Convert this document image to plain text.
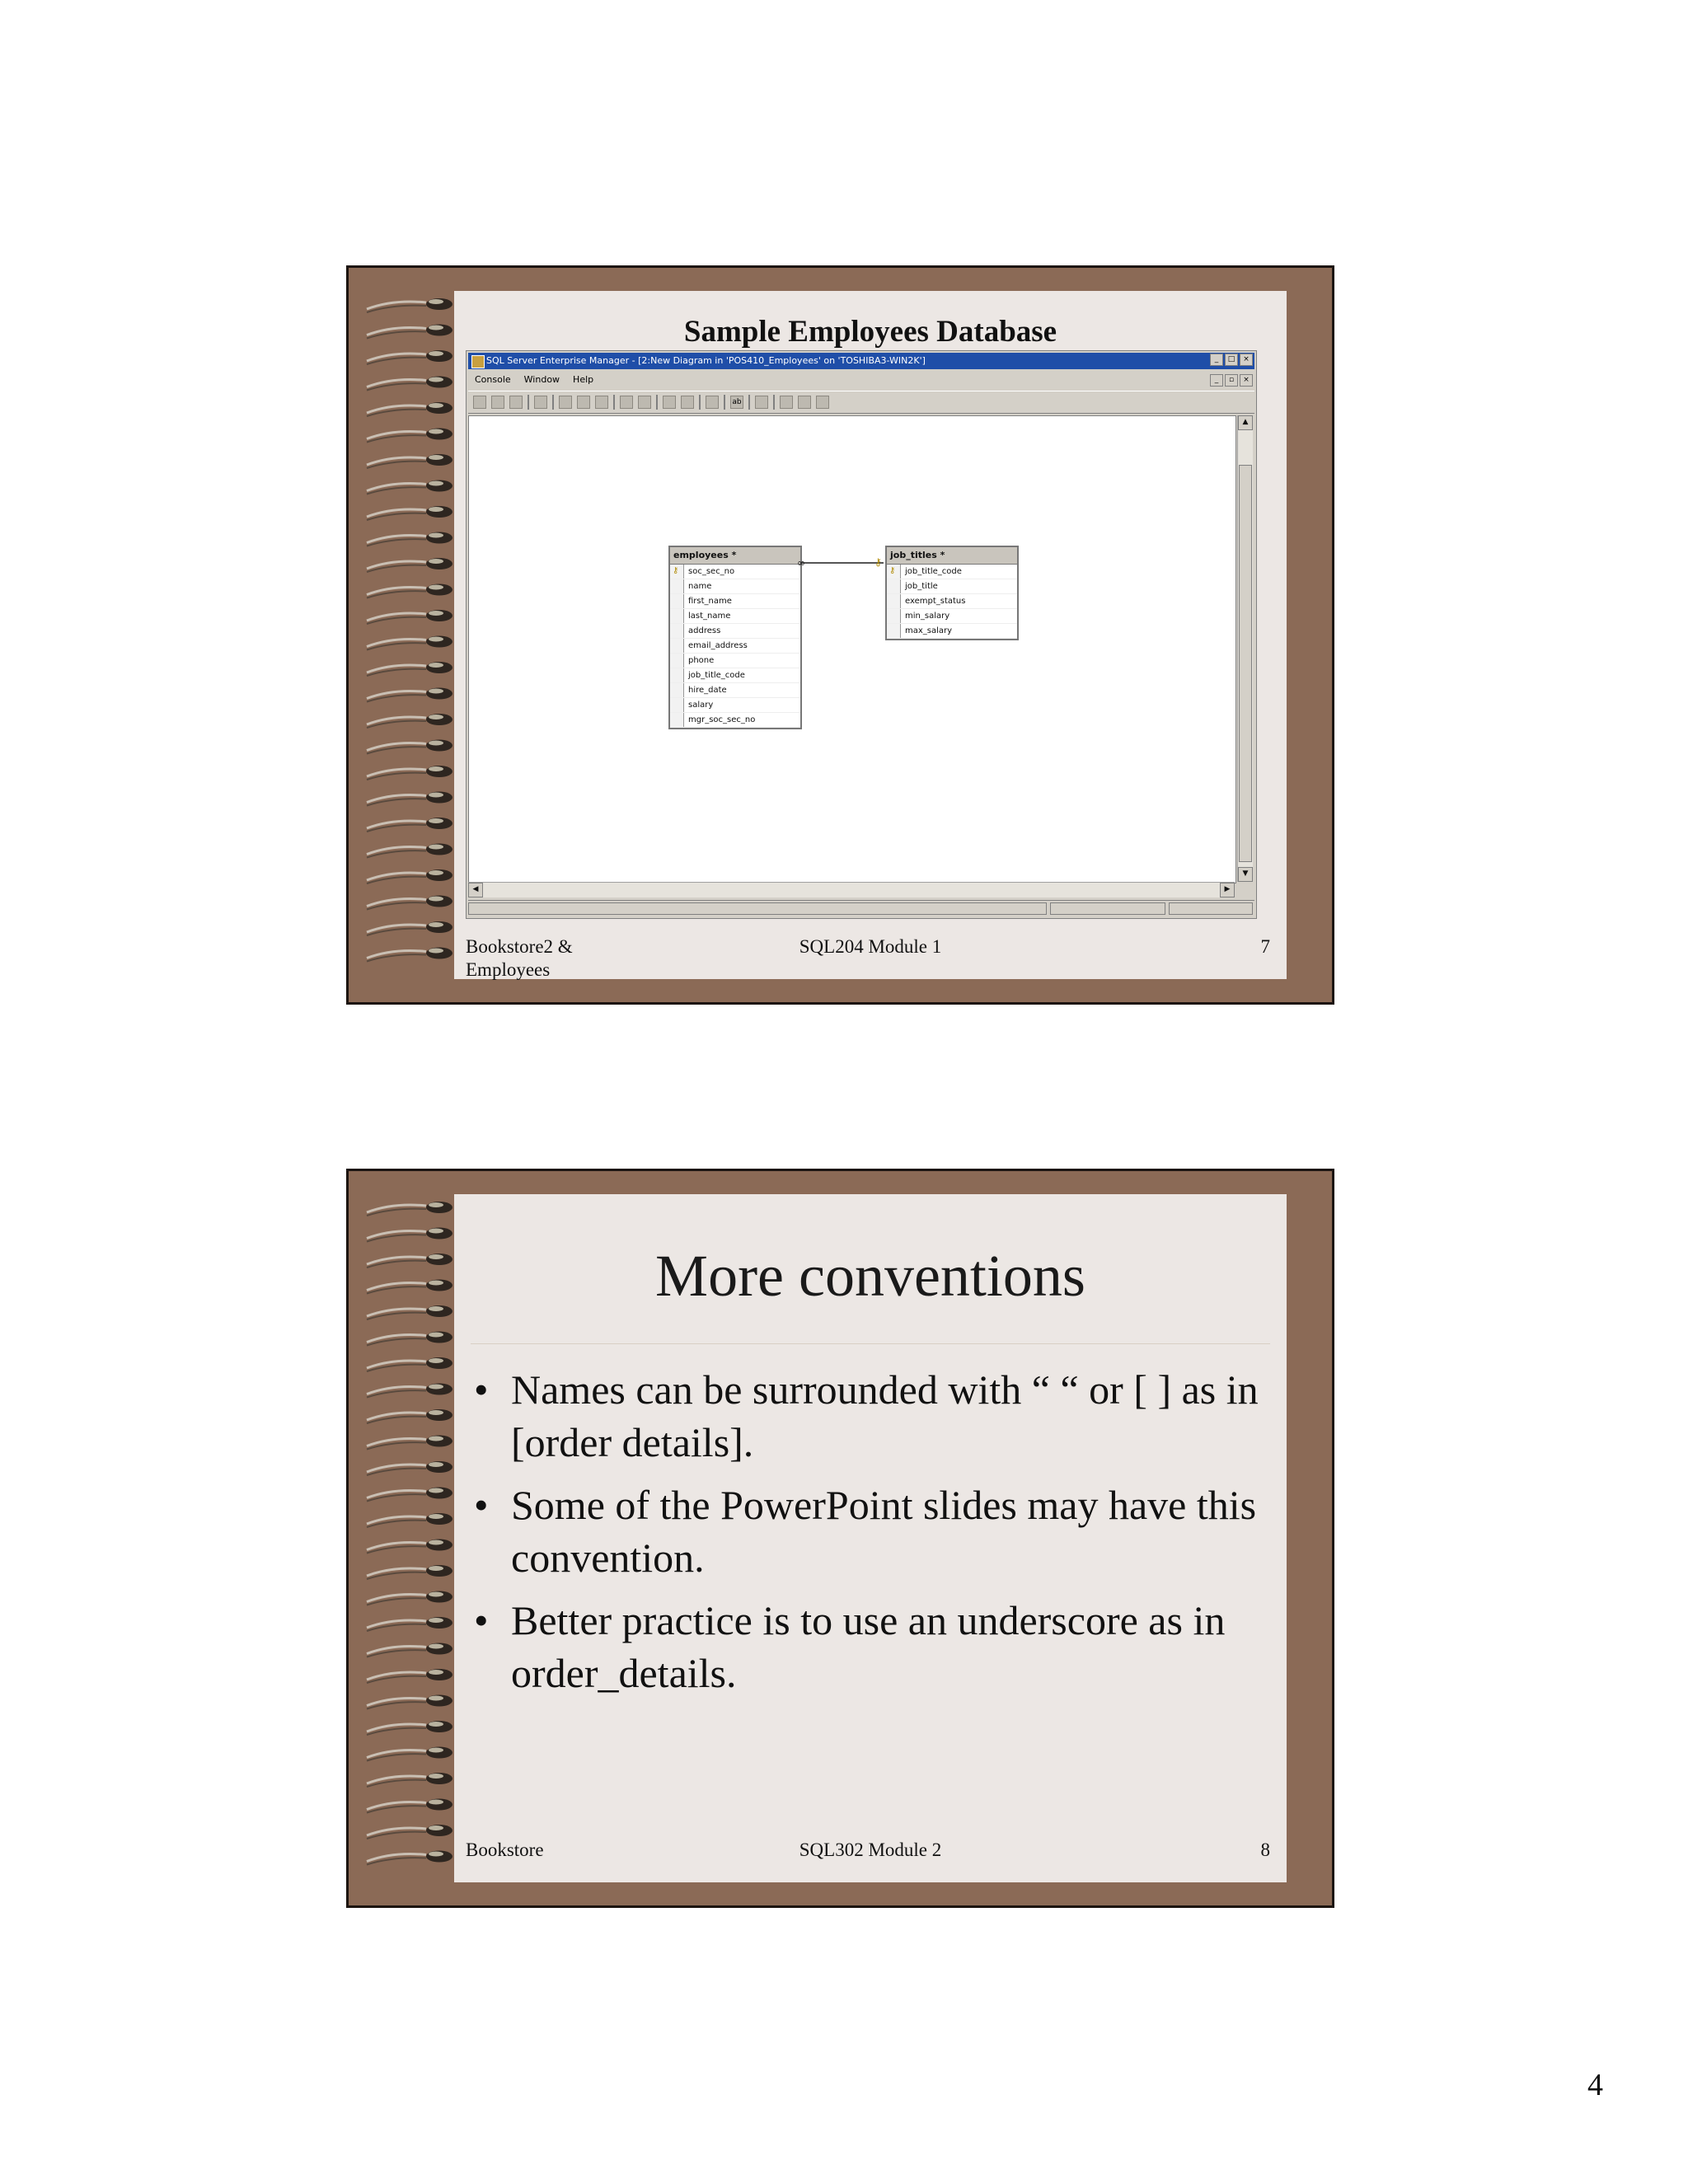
Sample Employees Database
SQL Server Enterprise Manager - [2:New Diagram in 'POS410_Employees' on 'TOSHIBA3-WIN2K']	_	□	×
Console Window Help	_	▫	×
ab
employees *
⚷ soc_sec_no
name
first_name
last_name
address
email_address
phone
job_title_code
hire_date
salary
mgr_soc_sec_no
job_titles *
⚷ job_title_code
job_title
exempt_status
min_salary
max_salary
∞	⚷
▲
▼
◀	▶
Bookstore2 & Employees
SQL204 Module 1	7
More conventions
• Names can be surrounded with “ “ or [ ] as in [order details].
• Some of the PowerPoint slides may have this convention.
• Better practice is to use an underscore as in order_details.
Bookstore	SQL302 Module 2	8
4
